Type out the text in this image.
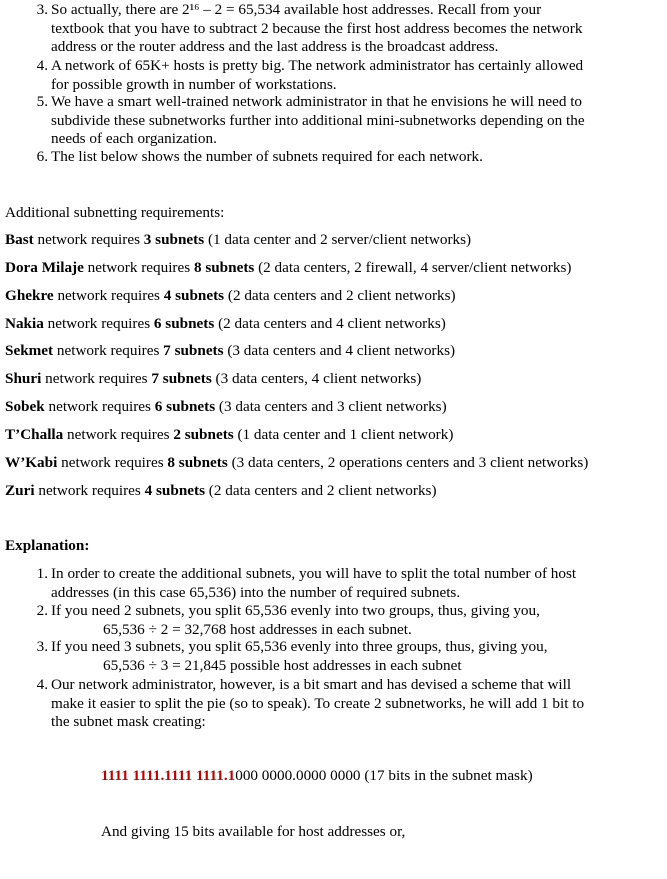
3. So actually, there are 2¹⁶ – 2 = 65,534 available host addresses. Recall from your
textbook that you have to subtract 2 because the first host address becomes the network
address or the router address and the last address is the broadcast address.
4. A network of 65K+ hosts is pretty big. The network administrator has certainly allowed
for possible growth in number of workstations.
5. We have a smart well-trained network administrator in that he envisions he will need to
subdivide these subnetworks further into additional mini-subnetworks depending on the
needs of each organization.
6. The list below shows the number of subnets required for each network.
Additional subnetting requirements:
Bast network requires 3 subnets (1 data center and 2 server/client networks)
Dora Milaje network requires 8 subnets (2 data centers, 2 firewall, 4 server/client networks)
Ghekre network requires 4 subnets (2 data centers and 2 client networks)
Nakia network requires 6 subnets (2 data centers and 4 client networks)
Sekmet network requires 7 subnets (3 data centers and 4 client networks)
Shuri network requires 7 subnets (3 data centers, 4 client networks)
Sobek network requires 6 subnets (3 data centers and 3 client networks)
T’Challa network requires 2 subnets (1 data center and 1 client network)
W’Kabi network requires 8 subnets (3 data centers, 2 operations centers and 3 client networks)
Zuri network requires 4 subnets (2 data centers and 2 client networks)
Explanation:
1. In order to create the additional subnets, you will have to split the total number of host
addresses (in this case 65,536) into the number of required subnets.
2. If you need 2 subnets, you split 65,536 evenly into two groups, thus, giving you,
65,536 ÷ 2 = 32,768 host addresses in each subnet.
3. If you need 3 subnets, you split 65,536 evenly into three groups, thus, giving you,
65,536 ÷ 3 = 21,845 possible host addresses in each subnet
4. Our network administrator, however, is a bit smart and has devised a scheme that will
make it easier to split the pie (so to speak). To create 2 subnetworks, he will add 1 bit to
the subnet mask creating:
1111 1111.1111 1111.1000 0000.0000 0000 (17 bits in the subnet mask)
And giving 15 bits available for host addresses or,
